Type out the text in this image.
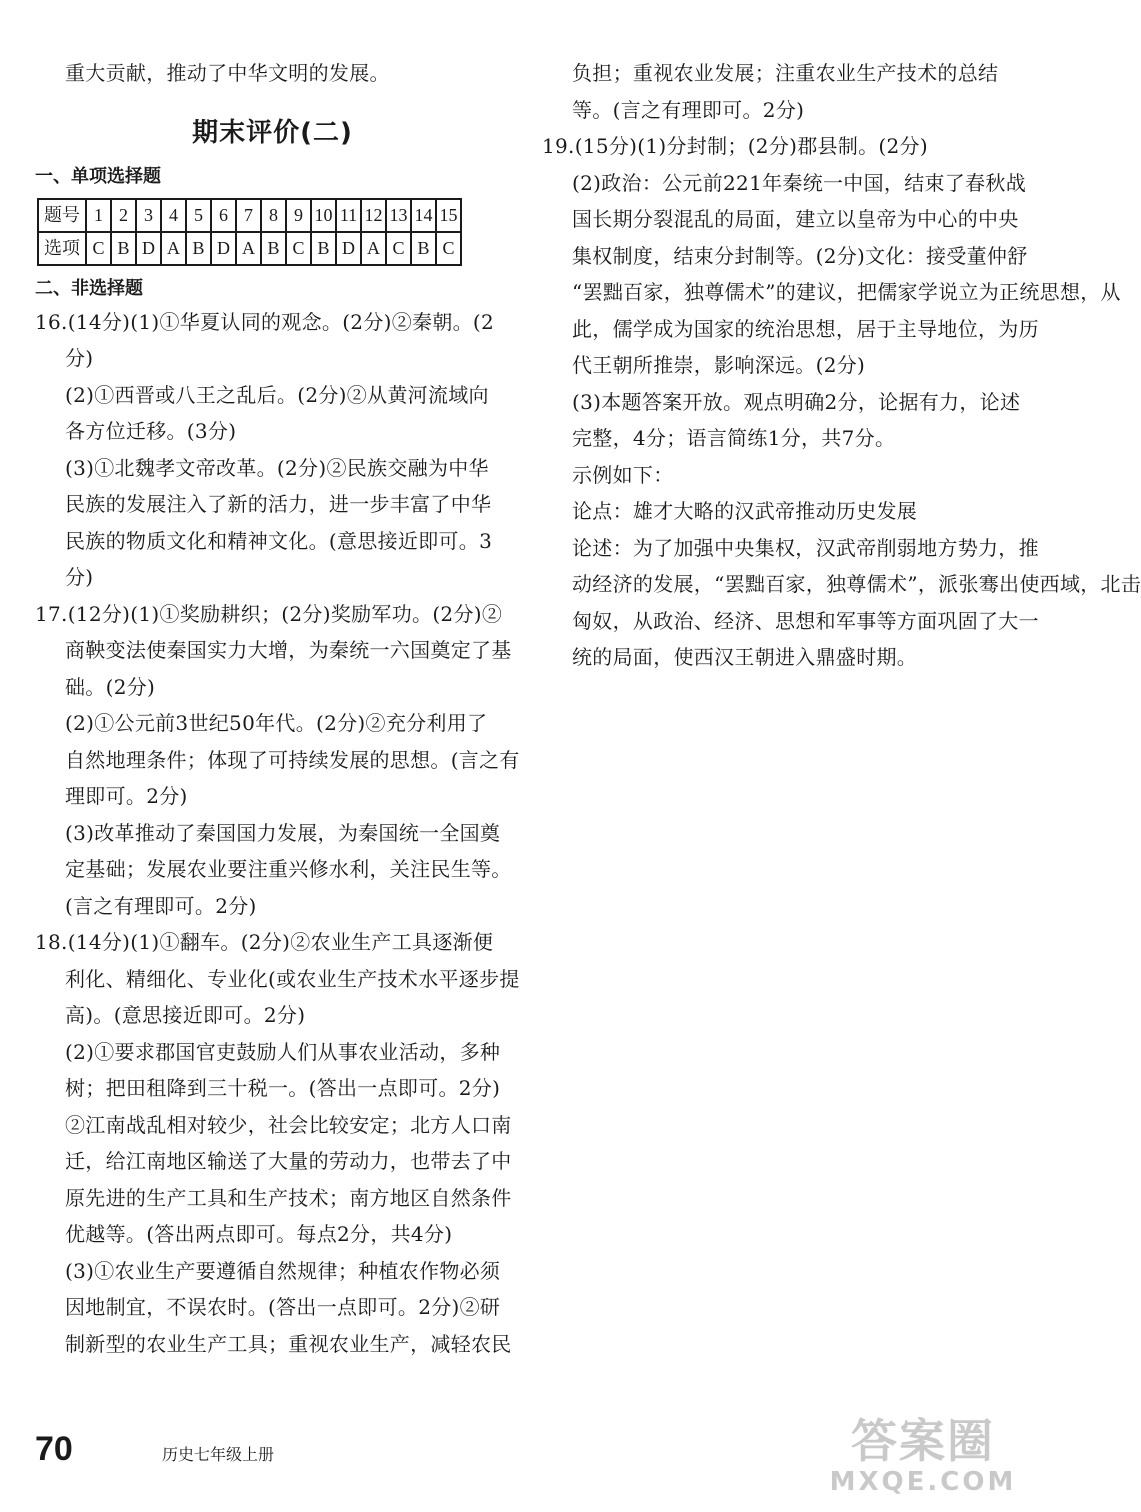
重大贡献，推动了中华文明的发展。
期末评价(二)
一、单项选择题
题号	1	2	3	4	5	6	7	8	9	10	11	12	13	14	15
选项	C	B	D	A	B	D	A	B	C	B	D	A	C	B	C
二、非选择题
16.(14分)(1)①华夏认同的观念。(2分)②秦朝。(2
分)
(2)①西晋或八王之乱后。(2分)②从黄河流域向
各方位迁移。(3分)
(3)①北魏孝文帝改革。(2分)②民族交融为中华
民族的发展注入了新的活力，进一步丰富了中华
民族的物质文化和精神文化。(意思接近即可。3
分)
17.(12分)(1)①奖励耕织；(2分)奖励军功。(2分)②
商鞅变法使秦国实力大增，为秦统一六国奠定了基
础。(2分)
(2)①公元前3世纪50年代。(2分)②充分利用了
自然地理条件；体现了可持续发展的思想。(言之有
理即可。2分)
(3)改革推动了秦国国力发展，为秦国统一全国奠
定基础；发展农业要注重兴修水利，关注民生等。
(言之有理即可。2分)
18.(14分)(1)①翻车。(2分)②农业生产工具逐渐便
利化、精细化、专业化(或农业生产技术水平逐步提
高)。(意思接近即可。2分)
(2)①要求郡国官吏鼓励人们从事农业活动，多种
树；把田租降到三十税一。(答出一点即可。2分)
②江南战乱相对较少，社会比较安定；北方人口南
迁，给江南地区输送了大量的劳动力，也带去了中
原先进的生产工具和生产技术；南方地区自然条件
优越等。(答出两点即可。每点2分，共4分)
(3)①农业生产要遵循自然规律；种植农作物必须
因地制宜，不误农时。(答出一点即可。2分)②研
制新型的农业生产工具；重视农业生产，减轻农民
负担；重视农业发展；注重农业生产技术的总结
等。(言之有理即可。2分)
19.(15分)(1)分封制；(2分)郡县制。(2分)
(2)政治：公元前221年秦统一中国，结束了春秋战
国长期分裂混乱的局面，建立以皇帝为中心的中央
集权制度，结束分封制等。(2分)文化：接受董仲舒
“罢黜百家，独尊儒术”的建议，把儒家学说立为正统思想，从
此，儒学成为国家的统治思想，居于主导地位，为历
代王朝所推崇，影响深远。(2分)
(3)本题答案开放。观点明确2分，论据有力，论述
完整，4分；语言简练1分，共7分。
示例如下：
论点：雄才大略的汉武帝推动历史发展
论述：为了加强中央集权，汉武帝削弱地方势力，推
动经济的发展，“罢黜百家，独尊儒术”，派张骞出使西域，北击
匈奴，从政治、经济、思想和军事等方面巩固了大一
统的局面，使西汉王朝进入鼎盛时期。
70	历史七年级上册	答案圈
MXQE.COM
